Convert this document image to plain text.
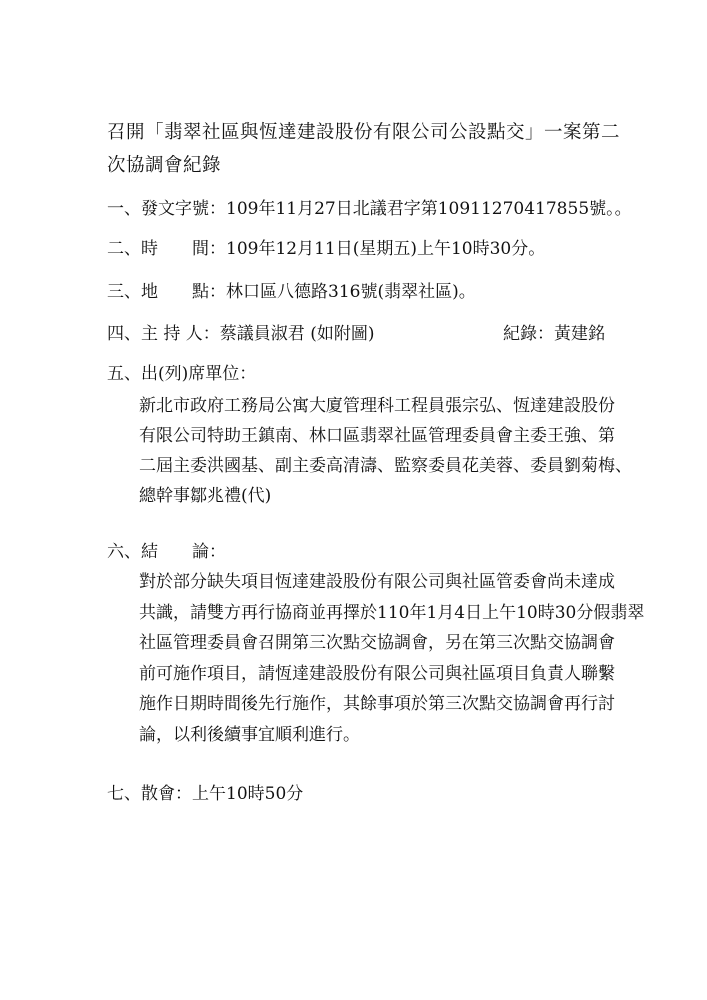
召開「翡翠社區與恆達建設股份有限公司公設點交」一案第二
次協調會紀錄
一、發文字號：109年11月27日北議君字第10911270417855號。。
二、時　　間：109年12月11日(星期五)上午10時30分。
三、地　　點：林口區八德路316號(翡翠社區)。
四、主 持 人：蔡議員淑君 (如附圖)	紀錄：黃建銘
五、出(列)席單位：
新北市政府工務局公寓大廈管理科工程員張宗弘、恆達建設股份
有限公司特助王鎮南、林口區翡翠社區管理委員會主委王強、第
二屆主委洪國基、副主委高清濤、監察委員花美蓉、委員劉菊梅、
總幹事鄒兆禮(代)
六、結　　論：
對於部分缺失項目恆達建設股份有限公司與社區管委會尚未達成
共識，請雙方再行協商並再擇於110年1月4日上午10時30分假翡翠
社區管理委員會召開第三次點交協調會，另在第三次點交協調會
前可施作項目，請恆達建設股份有限公司與社區項目負責人聯繫
施作日期時間後先行施作，其餘事項於第三次點交協調會再行討
論，以利後續事宜順利進行。
七、散會：上午10時50分
